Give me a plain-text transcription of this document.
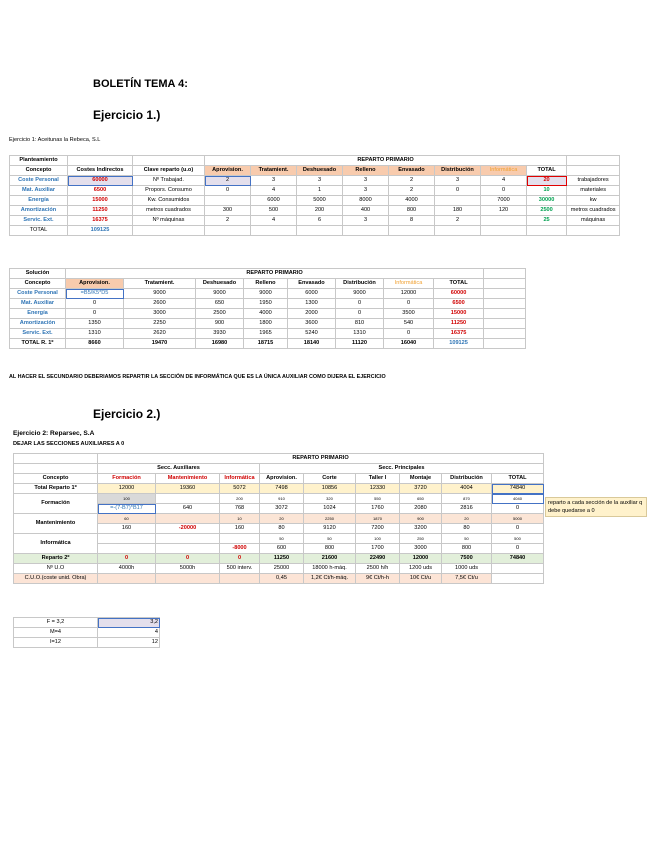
BOLETÍN TEMA 4:
Ejercicio 1.)
Ejercicio 1: Aceitunas la Rebeca, S.L
Planteamiento			REPARTO PRIMARIO								
Concepto	Costes Indirectos	Clave reparto (u.o)	Aprovision.	Tratamient.	Deshuesado	Relleno	Envasado	Distribución	Informática	TOTAL	
Coste Personal	60000	Nº Trabajad.	2	3	3	3	2	3	4	20	trabajadores
Mat. Auxiliar	6500	Propors. Consumo	0	4	1	3	2	0	0	10	materiales
Energía	15000	Kw. Consumidos		6000	5000	8000	4000		7000	30000	kw
Amortización	11250	metros cuadrados	300	500	200	400	800	180	120	2500	metros cuadrados
Servic. Ext.	16375	Nº máquinas	2	4	6	3	8	2		25	máquinas
TOTAL	109125										
Solución	REPARTO PRIMARIO								
Concepto	Aprovision.	Tratamient.	Deshuesado	Relleno	Envasado	Distribución	Informática	TOTAL	
Coste Personal	=B5/K5*D5	9000	9000	9000	6000	9000	12000	60000	
Mat. Auxiliar	0	2600	650	1950	1300	0	0	6500	
Energía	0	3000	2500	4000	2000	0	3500	15000	
Amortización	1350	2250	900	1800	3600	810	540	11250	
Servic. Ext.	1310	2620	3930	1965	5240	1310	0	16375	
TOTAL R. 1º	8660	19470	16980	18715	18140	11120	16040	109125	
AL HACER EL SECUNDARIO DEBERIAMOS REPARTIR LA SECCIÓN DE INFORMÁTICA QUE ES LA ÚNICA AUXILIAR COMO DIJERA EL EJERCICIO
Ejercicio 2.)
Ejercicio 2: Reparsec, S.A
DEJAR LAS SECCIONES AUXILIARES A 0
	REPARTO PRIMARIO								
	Secc. Auxiliares			Secc. Principales					
Concepto	Formación	Mantenimiento	Informática	Aprovision.	Corte	Taller I	Montaje	Distribución	TOTAL
Total Reparto 1º	12000	19360	5072	7498	10856	12330	3720	4004	74840
Formación	100		200	910	320	550	650	870	4040
	=-(7-B7)*B17	640	768	3072	1024	1760	2080	2816	0
Mantenimiento	60		10	20	2250	1870	900	20	5000
	160	-20000	160	80	9120	7200	3200	80	0
Informática				50	50	100	250	50	500
			-8000	600	800	1700	3000	800	0
Reparto 2º	0	0	0	11250	21600	22490	12000	7500	74840
Nº U.O	4000h	5000h	500 interv.	25000	18000 h-máq.	2500 h/h	1200 uds	1000 uds	
C.U.O.(coste unid. Obra)				0,45	1,2€ Ct/h-máq.	9€ Ct/h-h	10€ Ct/u	7,5€ Ct/u	
reparto a cada sección de la auxiliar q debe quedarse a 0
F = 3,2	3,2
M=4	4
I=12	12
